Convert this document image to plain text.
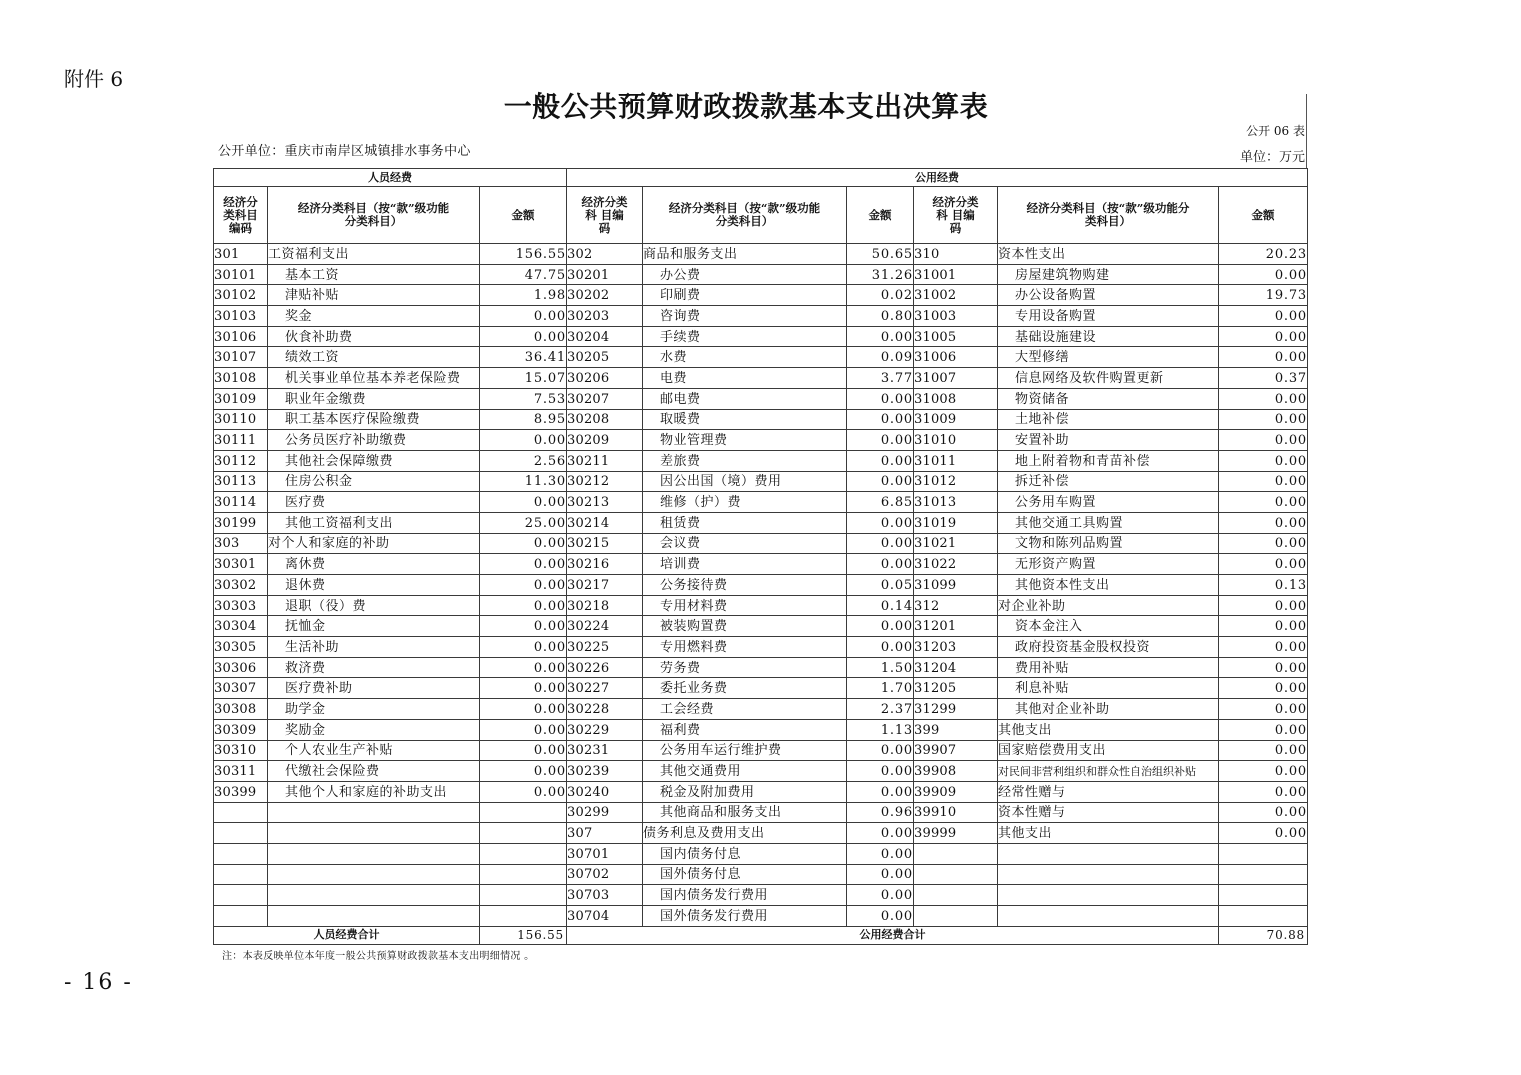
附件 6
一般公共预算财政拨款基本支出决算表
公开 06 表
公开单位：重庆市南岸区城镇排水事务中心	单位：万元
人员经费			公用经费					
经济分
类科目
编码	经济分类科目（按“款”级功能
分类科目）	金额	经济分类
科 目编
码	经济分类科目（按“款”级功能
分类科目）	金额	经济分类
科 目编
码	经济分类科目（按“款”级功能分
类科目）	金额
301	工资福利支出	156.55	302	商品和服务支出	50.65	310	资本性支出	20.23
30101	基本工资	47.75	30201	办公费	31.26	31001	房屋建筑物购建	0.00
30102	津贴补贴	1.98	30202	印刷费	0.02	31002	办公设备购置	19.73
30103	奖金	0.00	30203	咨询费	0.80	31003	专用设备购置	0.00
30106	伙食补助费	0.00	30204	手续费	0.00	31005	基础设施建设	0.00
30107	绩效工资	36.41	30205	水费	0.09	31006	大型修缮	0.00
30108	机关事业单位基本养老保险费	15.07	30206	电费	3.77	31007	信息网络及软件购置更新	0.37
30109	职业年金缴费	7.53	30207	邮电费	0.00	31008	物资储备	0.00
30110	职工基本医疗保险缴费	8.95	30208	取暖费	0.00	31009	土地补偿	0.00
30111	公务员医疗补助缴费	0.00	30209	物业管理费	0.00	31010	安置补助	0.00
30112	其他社会保障缴费	2.56	30211	差旅费	0.00	31011	地上附着物和青苗补偿	0.00
30113	住房公积金	11.30	30212	因公出国（境）费用	0.00	31012	拆迁补偿	0.00
30114	医疗费	0.00	30213	维修（护）费	6.85	31013	公务用车购置	0.00
30199	其他工资福利支出	25.00	30214	租赁费	0.00	31019	其他交通工具购置	0.00
303	对个人和家庭的补助	0.00	30215	会议费	0.00	31021	文物和陈列品购置	0.00
30301	离休费	0.00	30216	培训费	0.00	31022	无形资产购置	0.00
30302	退休费	0.00	30217	公务接待费	0.05	31099	其他资本性支出	0.13
30303	退职（役）费	0.00	30218	专用材料费	0.14	312	对企业补助	0.00
30304	抚恤金	0.00	30224	被装购置费	0.00	31201	资本金注入	0.00
30305	生活补助	0.00	30225	专用燃料费	0.00	31203	政府投资基金股权投资	0.00
30306	救济费	0.00	30226	劳务费	1.50	31204	费用补贴	0.00
30307	医疗费补助	0.00	30227	委托业务费	1.70	31205	利息补贴	0.00
30308	助学金	0.00	30228	工会经费	2.37	31299	其他对企业补助	0.00
30309	奖励金	0.00	30229	福利费	1.13	399	其他支出	0.00
30310	个人农业生产补贴	0.00	30231	公务用车运行维护费	0.00	39907	国家赔偿费用支出	0.00
30311	代缴社会保险费	0.00	30239	其他交通费用	0.00	39908	对民间非营利组织和群众性自治组织补贴	0.00
30399	其他个人和家庭的补助支出	0.00	30240	税金及附加费用	0.00	39909	经常性赠与	0.00
			30299	其他商品和服务支出	0.96	39910	资本性赠与	0.00
			307	债务利息及费用支出	0.00	39999	其他支出	0.00
			30701	国内债务付息	0.00			
			30702	国外债务付息	0.00			
			30703	国内债务发行费用	0.00			
			30704	国外债务发行费用	0.00			
人员经费合计		156.55	公用经费合计					70.88
注：本表反映单位本年度一般公共预算财政拨款基本支出明细情况 。
- 16 -
